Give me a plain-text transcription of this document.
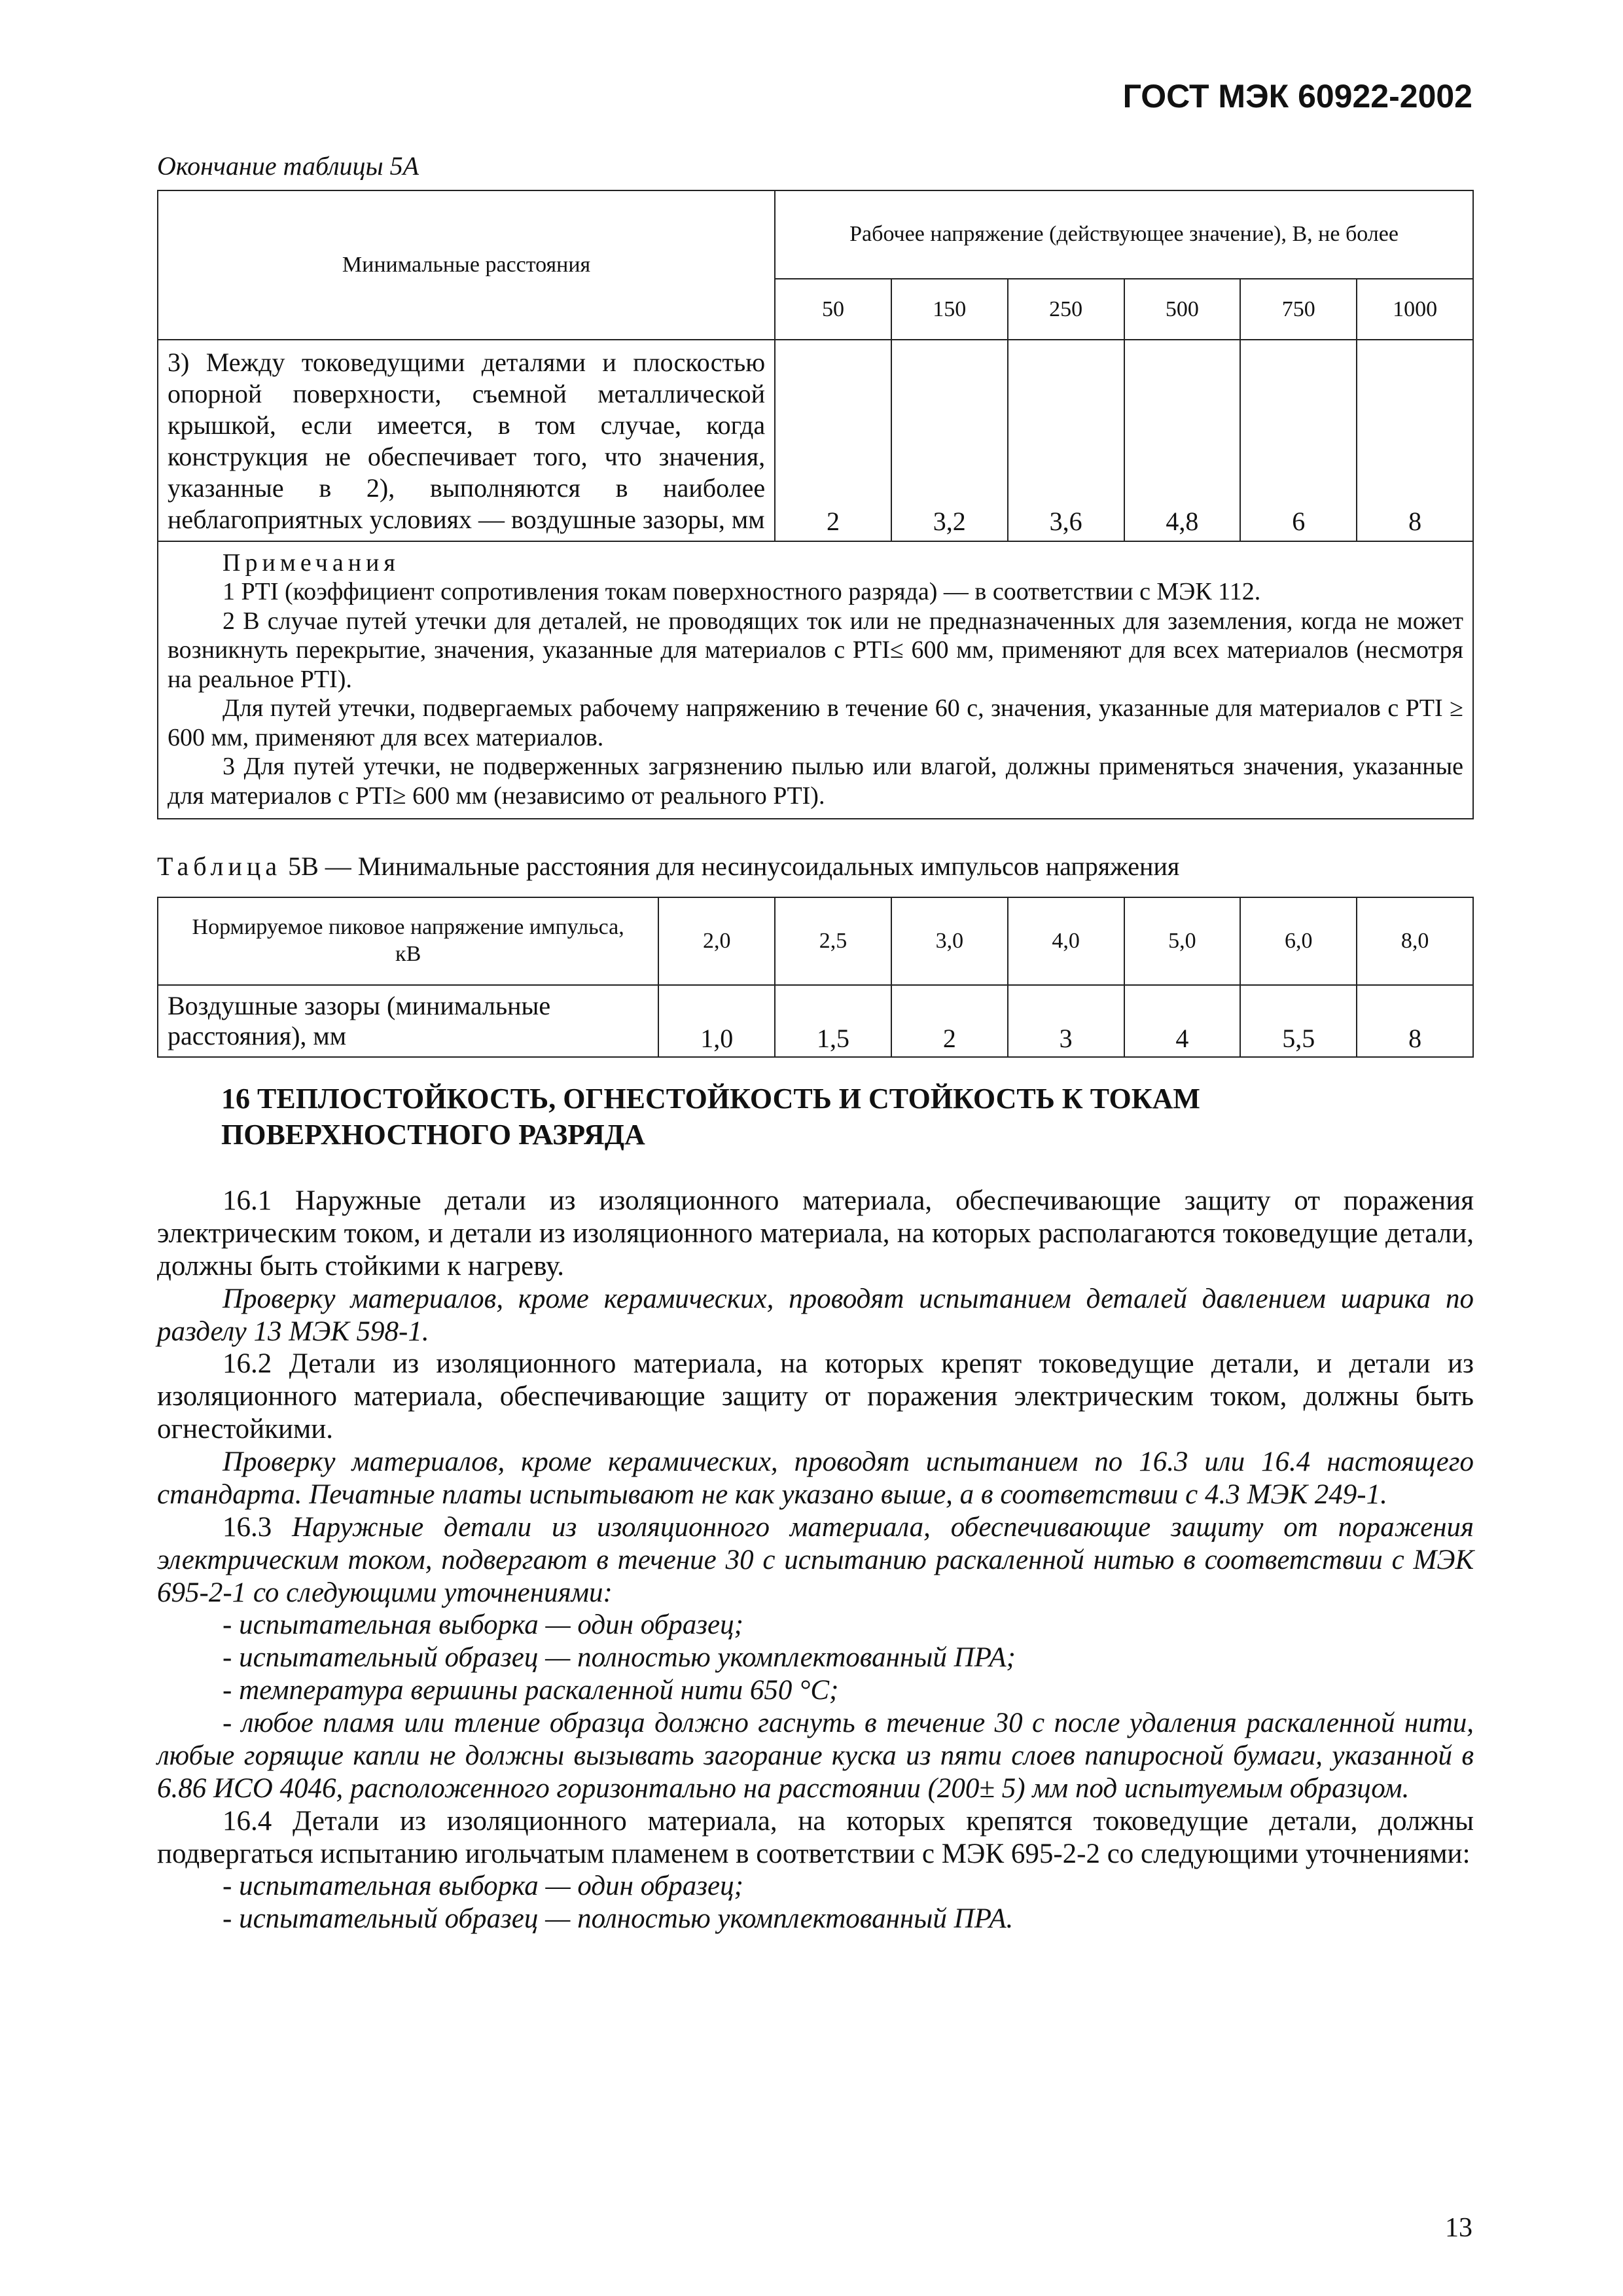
ГОСТ МЭК 60922-2002
Окончание таблицы 5A
Минимальные расстояния	Рабочее напряжение (действующее значение), В, не более					
	50	150	250	500	750	1000
3) Между токоведущими деталями и плоскостью опорной поверхности, съемной металлической крышкой, если имеется, в том случае, когда конструкция не обеспечивает того, что значения, указанные в 2), выполняются в наиболее неблагоприятных условиях — воздушные зазоры, мм	2	3,2	3,6	4,8	6	8

Примечания

1 PTI (коэффициент сопротивления токам поверхностного разряда) — в соответствии с МЭК 112.

2 В случае путей утечки для деталей, не проводящих ток или не предназначенных для заземления, когда не может возникнуть перекрытие, значения, указанные для материалов с PTI≤ 600 мм, применяют для всех материалов (несмотря на реальное PTI).

Для путей утечки, подвергаемых рабочему напряжению в течение 60 с, значения, указанные для материалов с PTI ≥ 600 мм, применяют для всех материалов.

3 Для путей утечки, не подверженных загрязнению пылью или влагой, должны применяться значения, указанные для материалов с PTI≥ 600 мм (независимо от реального PTI).						

Таблица 5B — Минимальные расстояния для несинусоидальных импульсов напряжения
Нормируемое пиковое напряжение импульса, кВ	2,0	2,5	3,0	4,0	5,0	6,0	8,0
Воздушные зазоры (минимальные расстояния), мм	1,0	1,5	2	3	4	5,5	8
16 ТЕПЛОСТОЙКОСТЬ, ОГНЕСТОЙКОСТЬ И СТОЙКОСТЬ К ТОКАМ ПОВЕРХНОСТНОГО РАЗРЯДА

16.1 Наружные детали из изоляционного материала, обеспечивающие защиту от поражения электрическим током, и детали из изоляционного материала, на которых располагаются токоведущие детали, должны быть стойкими к нагреву.

Проверку материалов, кроме керамических, проводят испытанием деталей давлением шарика по разделу 13 МЭК 598-1.

16.2 Детали из изоляционного материала, на которых крепят токоведущие детали, и детали из изоляционного материала, обеспечивающие защиту от поражения электрическим током, должны быть огнестойкими.

Проверку материалов, кроме керамических, проводят испытанием по 16.3 или 16.4 настоящего стандарта. Печатные платы испытывают не как указано выше, а в соответствии с 4.3 МЭК 249-1.

16.3 Наружные детали из изоляционного материала, обеспечивающие защиту от поражения электрическим током, подвергают в течение 30 с испытанию раскаленной нитью в соответствии с МЭК 695-2-1 со следующими уточнениями:

- испытательная выборка — один образец;

- испытательный образец — полностью укомплектованный ПРА;

- температура вершины раскаленной нити 650 °С;

- любое пламя или тление образца должно гаснуть в течение 30 с после удаления раскаленной нити, любые горящие капли не должны вызывать загорание куска из пяти слоев папиросной бумаги, указанной в 6.86 ИСО 4046, расположенного горизонтально на расстоянии (200± 5) мм под испытуемым образцом.

16.4 Детали из изоляционного материала, на которых крепятся токоведущие детали, должны подвергаться испытанию игольчатым пламенем в соответствии с МЭК 695-2-2 со следующими уточнениями:

- испытательная выборка — один образец;

- испытательный образец — полностью укомплектованный ПРА.

13
